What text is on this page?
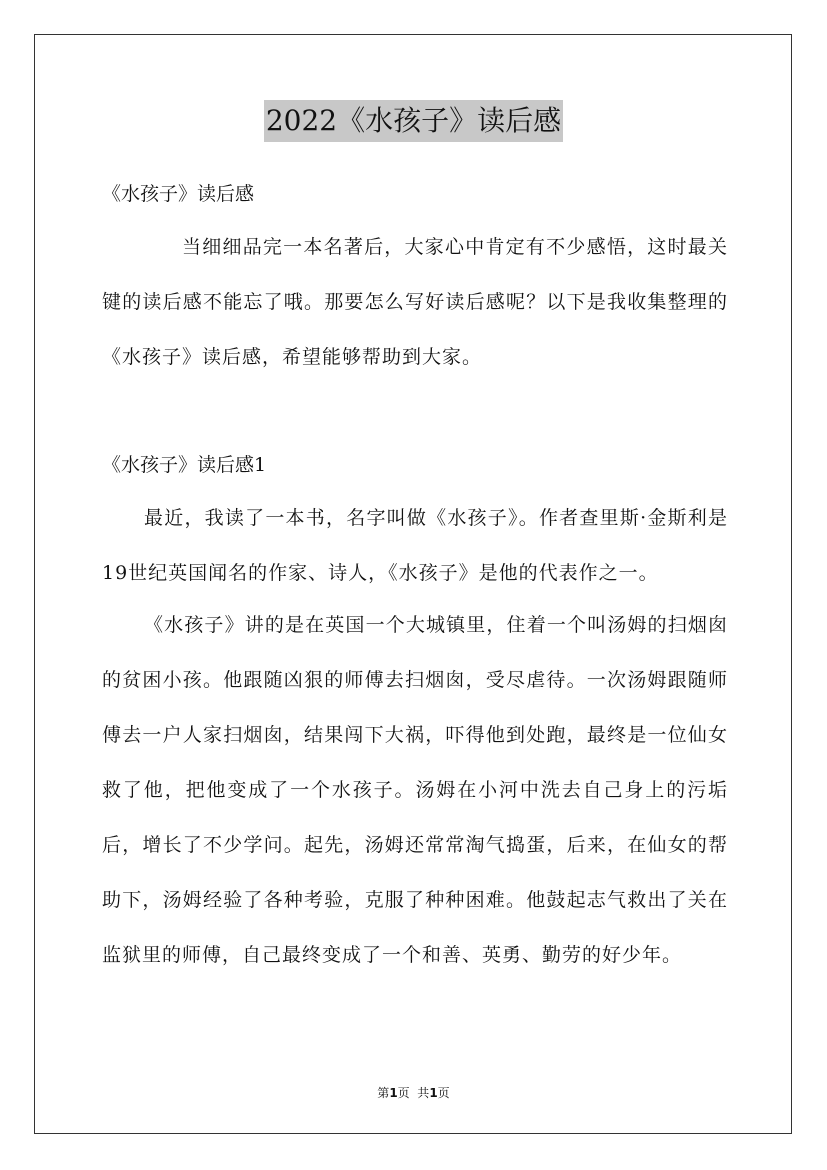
2022《水孩子》读后感

《水孩子》读后感

当细细品完一本名著后，大家心中肯定有不少感悟，这时最关键的读后感不能忘了哦。那要怎么写好读后感呢？以下是我收集整理的《水孩子》读后感，希望能够帮助到大家。

《水孩子》读后感1

最近，我读了一本书，名字叫做《水孩子》。作者查里斯·金斯利是19世纪英国闻名的作家、诗人，《水孩子》是他的代表作之一。

《水孩子》讲的是在英国一个大城镇里，住着一个叫汤姆的扫烟囱的贫困小孩。他跟随凶狠的师傅去扫烟囱，受尽虐待。一次汤姆跟随师傅去一户人家扫烟囱，结果闯下大祸，吓得他到处跑，最终是一位仙女救了他，把他变成了一个水孩子。汤姆在小河中洗去自己身上的污垢后，增长了不少学问。起先，汤姆还常常淘气捣蛋，后来，在仙女的帮助下，汤姆经验了各种考验，克服了种种困难。他鼓起志气救出了关在监狱里的师傅，自己最终变成了一个和善、英勇、勤劳的好少年。

第1页  共1页
